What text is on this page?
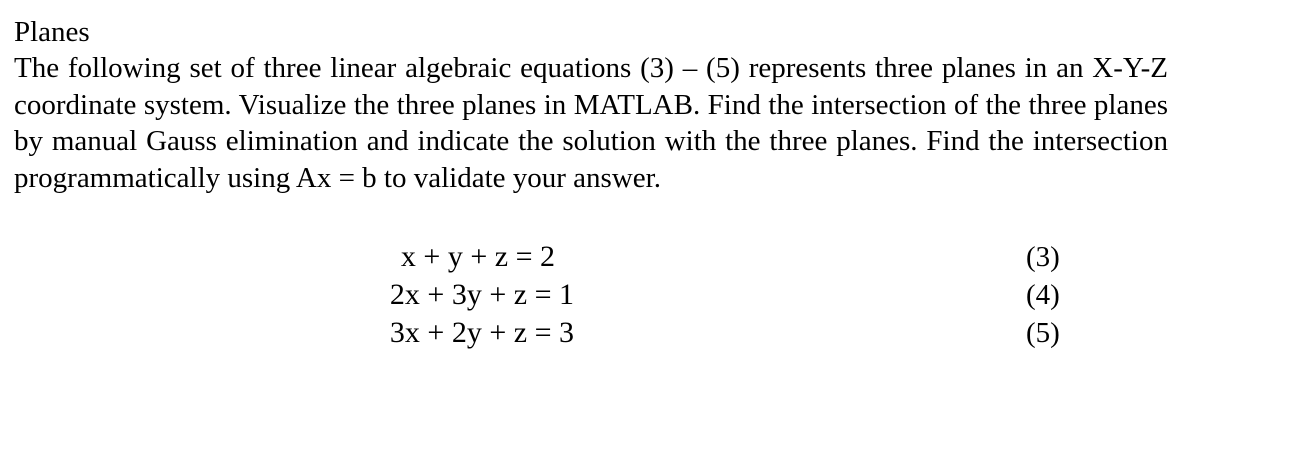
Planes

The following set of three linear algebraic equations (3) – (5) represents three planes in an X-Y-Z coordinate system. Visualize the three planes in MATLAB. Find the intersection of the three planes by manual Gauss elimination and indicate the solution with the three planes. Find the intersection programmatically using Ax = b to validate your answer.

x + y + z = 2	(3)
2x + 3y + z = 1	(4)
3x + 2y + z = 3	(5)
